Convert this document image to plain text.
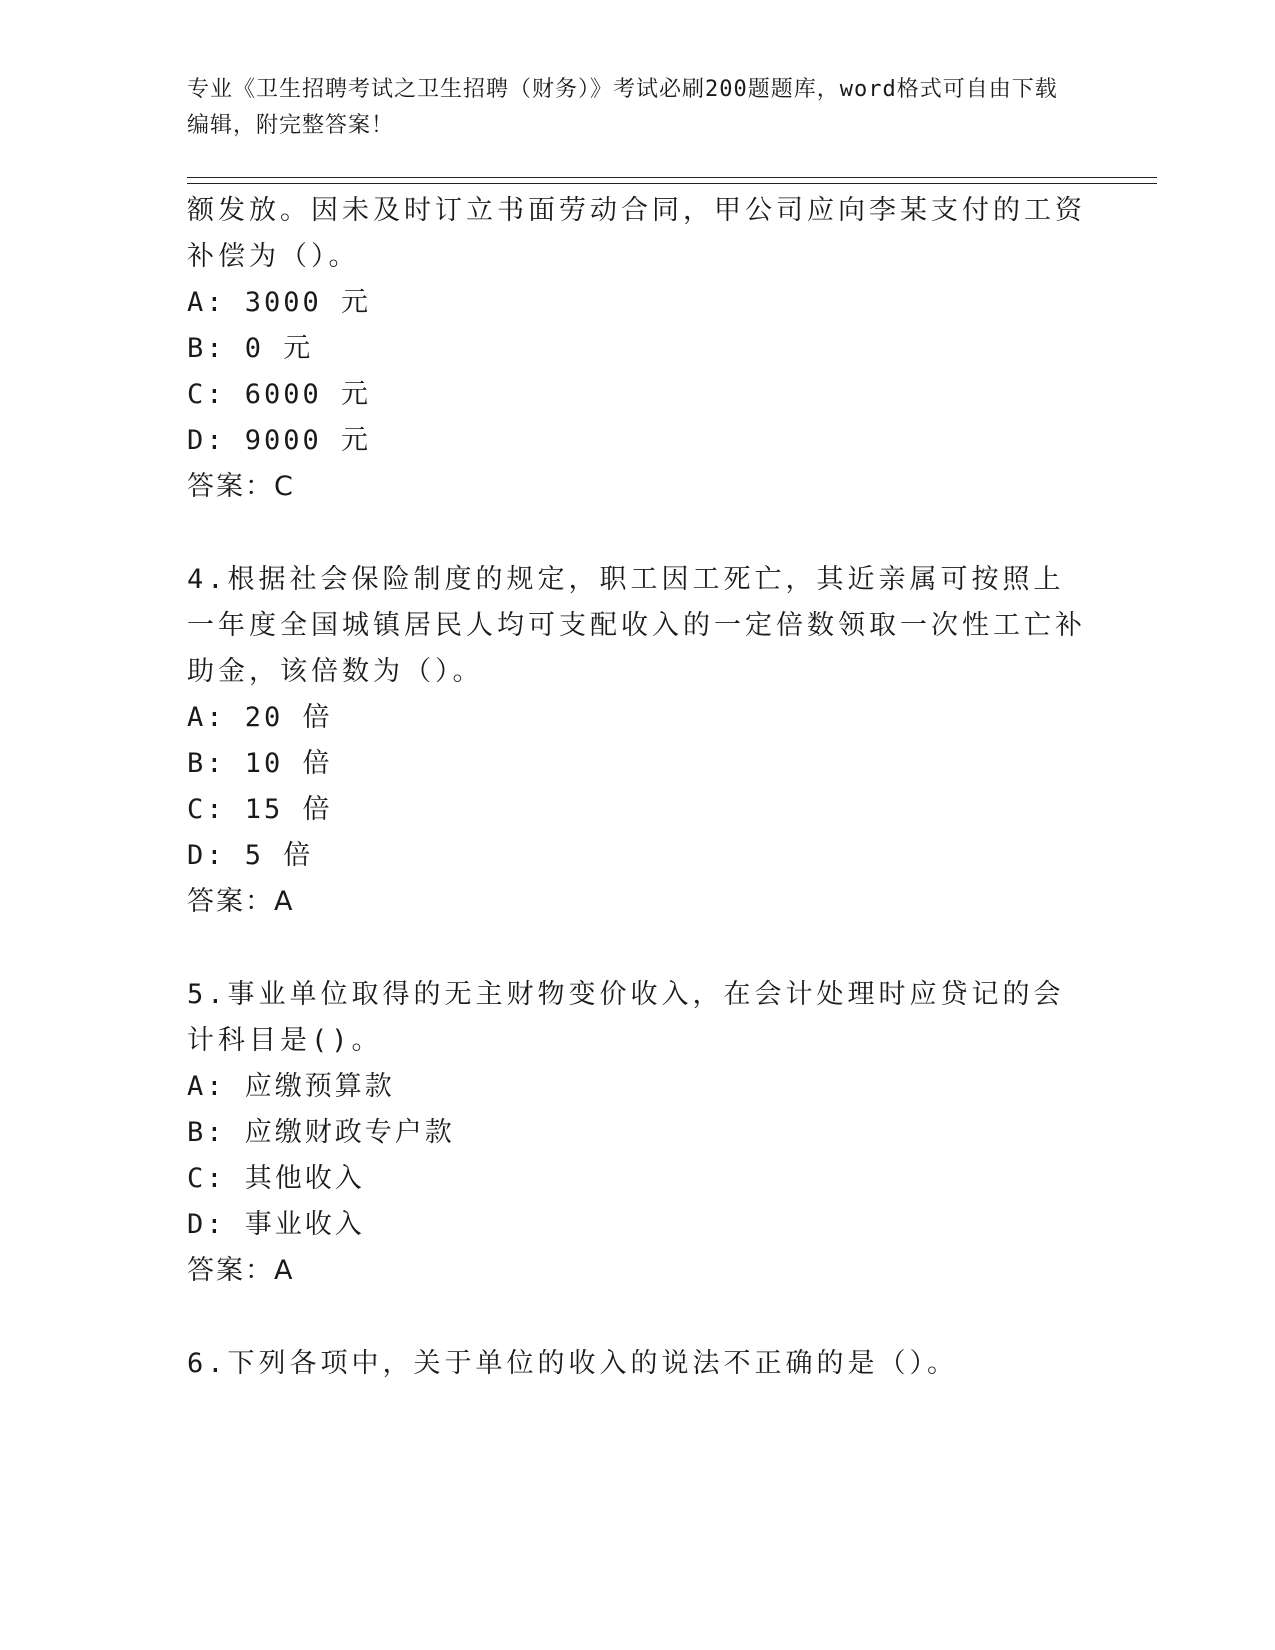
专业《卫生招聘考试之卫生招聘（财务）》考试必刷200题题库，word格式可自由下载编辑，附完整答案！

额发放。因未及时订立书面劳动合同，甲公司应向李某支付的工资补偿为（）。

A: 3000 元

B: 0 元

C: 6000 元

D: 9000 元

答案：C

4.根据社会保险制度的规定，职工因工死亡，其近亲属可按照上一年度全国城镇居民人均可支配收入的一定倍数领取一次性工亡补助金，该倍数为（）。

A: 20 倍

B: 10 倍

C: 15 倍

D: 5 倍

答案：A

5.事业单位取得的无主财物变价收入，在会计处理时应贷记的会计科目是()。

A: 应缴预算款

B: 应缴财政专户款

C: 其他收入

D: 事业收入

答案：A

6.下列各项中，关于单位的收入的说法不正确的是（）。
